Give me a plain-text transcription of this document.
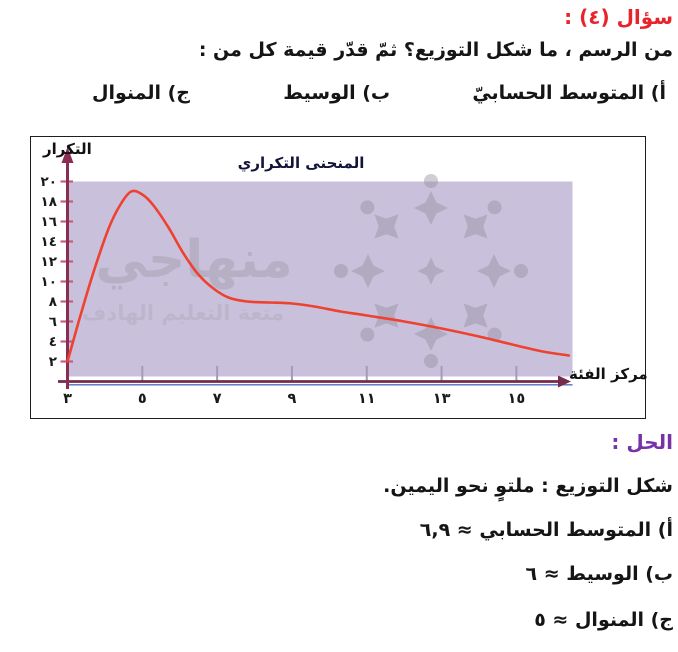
سؤال (٤) :
من الرسم ، ما شكل التوزيع؟ ثمّ قدّر قيمة كل من :
أ) المتوسط الحسابيّ
ب) الوسيط
ج) المنوال
منهاجي
متعة التعليم الهادف
٣	٥	٧	٩	١١	١٣	١٥
٢
٤
٦
٨
١٠
١٢
١٤
١٦
١٨
٢٠
التكرار
المنحنى التكراري
مركز الفئة
الحل :
شكل التوزيع : ملتوٍ نحو اليمين.
أ) المتوسط الحسابي ≈ ٦,٩
ب) الوسيط ≈ ٦
ج) المنوال ≈ ٥
